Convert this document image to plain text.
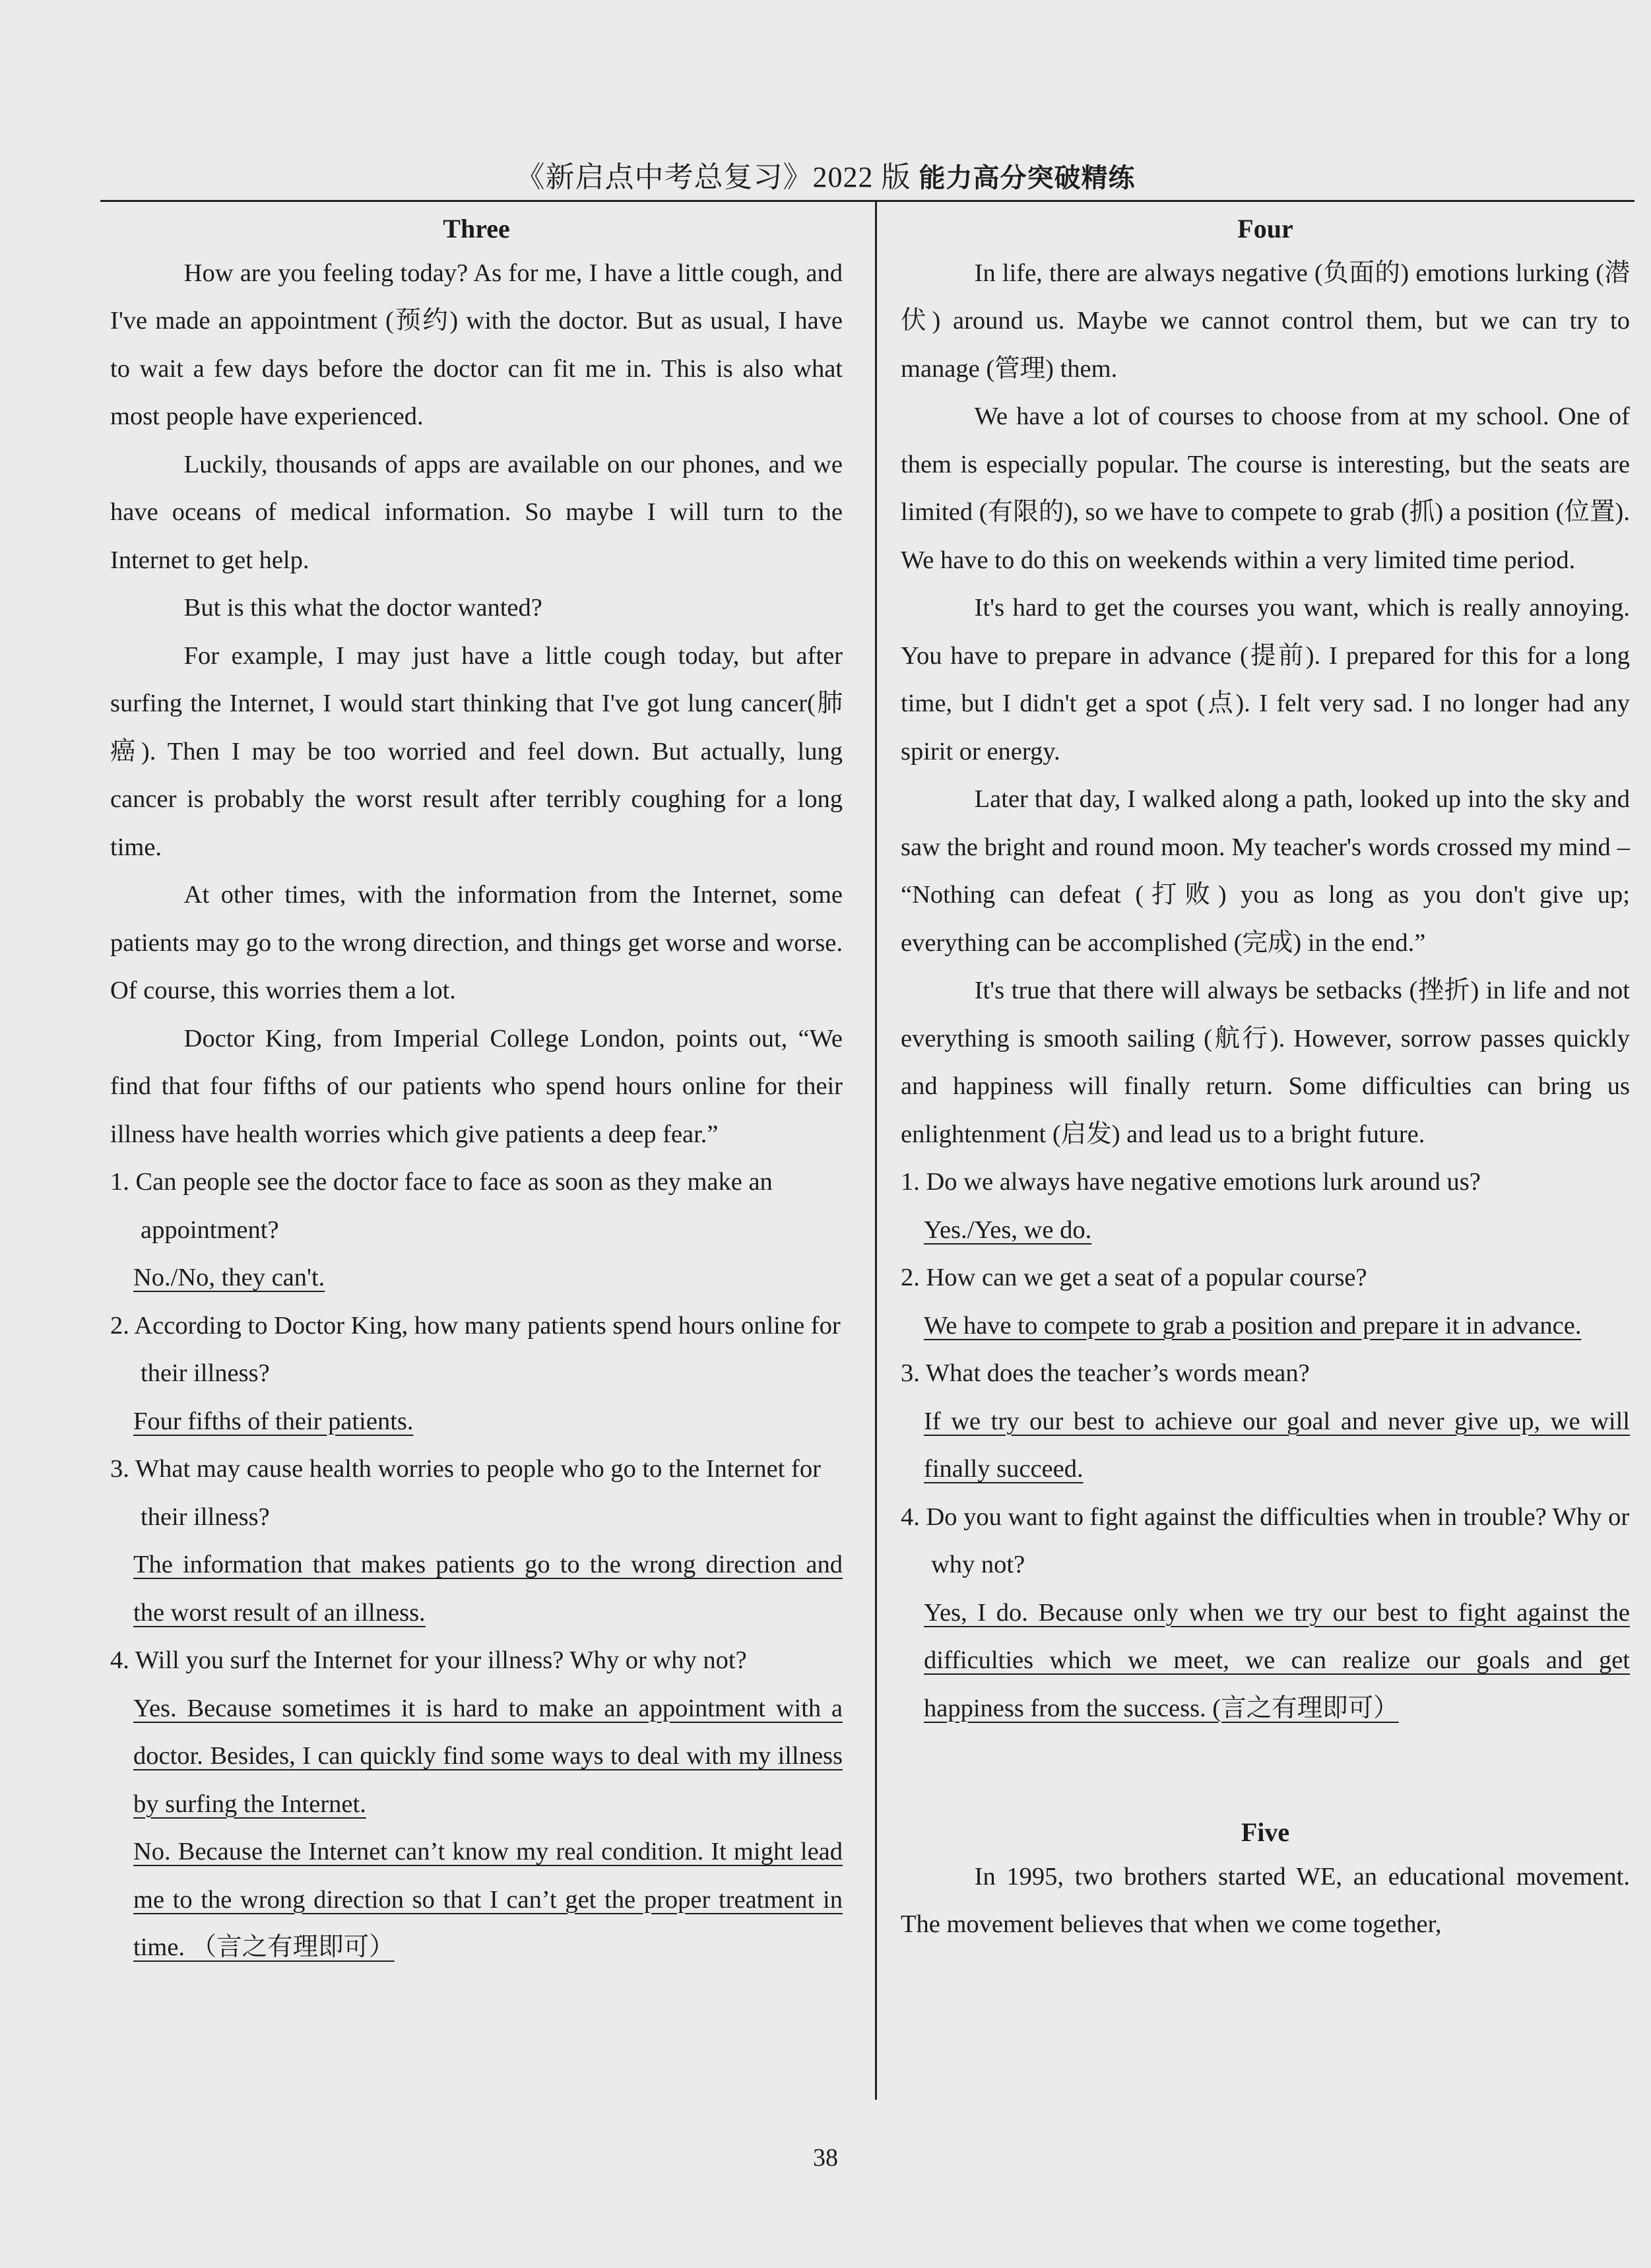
《新启点中考总复习》2022 版 能力高分突破精练
Three

How are you feeling today? As for me, I have a little cough, and I've made an appointment (预约) with the doctor. But as usual, I have to wait a few days before the doctor can fit me in. This is also what most people have experienced.

Luckily, thousands of apps are available on our phones, and we have oceans of medical information. So maybe I will turn to the Internet to get help.

But is this what the doctor wanted?

For example, I may just have a little cough today, but after surfing the Internet, I would start thinking that I've got lung cancer(肺癌). Then I may be too worried and feel down. But actually, lung cancer is probably the worst result after terribly coughing for a long time.

At other times, with the information from the Internet, some patients may go to the wrong direction, and things get worse and worse. Of course, this worries them a lot.

Doctor King, from Imperial College London, points out, “We find that four fifths of our patients who spend hours online for their illness have health worries which give patients a deep fear.”

1. Can people see the doctor face to face as soon as they make an appointment?

No./No, they can't.

2. According to Doctor King, how many patients spend hours online for their illness?

Four fifths of their patients.

3. What may cause health worries to people who go to the Internet for their illness?

The information that makes patients go to the wrong direction and the worst result of an illness.

4. Will you surf the Internet for your illness? Why or why not?

Yes. Because sometimes it is hard to make an appointment with a doctor. Besides, I can quickly find some ways to deal with my illness by surfing the Internet.

No. Because the Internet can’t know my real condition. It might lead me to the wrong direction so that I can’t get the proper treatment in time. （言之有理即可）

Four

In life, there are always negative (负面的) emotions lurking (潜伏) around us. Maybe we cannot control them, but we can try to manage (管理) them.

We have a lot of courses to choose from at my school. One of them is especially popular. The course is interesting, but the seats are limited (有限的), so we have to compete to grab (抓) a position (位置). We have to do this on weekends within a very limited time period.

It's hard to get the courses you want, which is really annoying. You have to prepare in advance (提前). I prepared for this for a long time, but I didn't get a spot (点). I felt very sad. I no longer had any spirit or energy.

Later that day, I walked along a path, looked up into the sky and saw the bright and round moon. My teacher's words crossed my mind – “Nothing can defeat (打败) you as long as you don't give up; everything can be accomplished (完成) in the end.”

It's true that there will always be setbacks (挫折) in life and not everything is smooth sailing (航行). However, sorrow passes quickly and happiness will finally return. Some difficulties can bring us enlightenment (启发) and lead us to a bright future.

1. Do we always have negative emotions lurk around us?

Yes./Yes, we do.

2. How can we get a seat of a popular course?

We have to compete to grab a position and prepare it in advance.

3. What does the teacher’s words mean?

If we try our best to achieve our goal and never give up, we will finally succeed.

4. Do you want to fight against the difficulties when in trouble? Why or why not?

Yes, I do. Because only when we try our best to fight against the difficulties which we meet, we can realize our goals and get happiness from the success. (言之有理即可）

Five

In 1995, two brothers started WE, an educational movement. The movement believes that when we come together,

38
